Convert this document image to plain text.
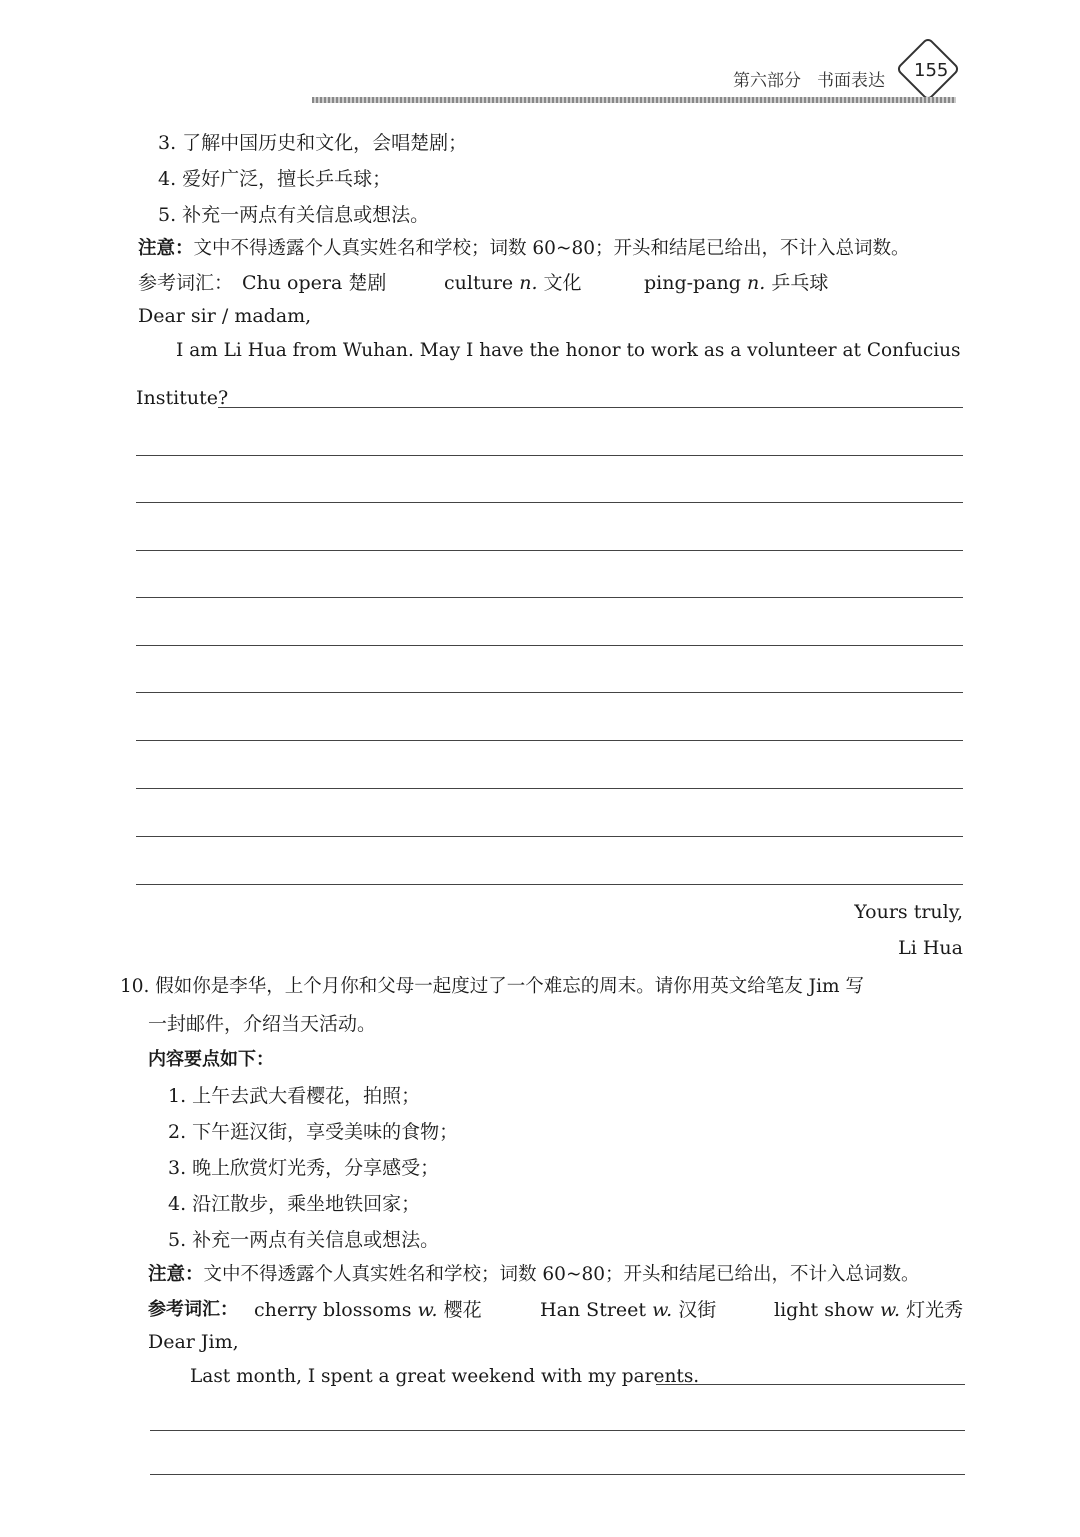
第六部分 书面表达 155
3. 了解中国历史和文化，会唱楚剧；
4. 爱好广泛，擅长乒乓球；
5. 补充一两点有关信息或想法。
注意：文中不得透露个人真实姓名和学校；词数 60~80；开头和结尾已给出，不计入总词数。
参考词汇： Chu opera 楚剧	culture n. 文化	ping-pang n. 乒乓球
Dear sir / madam,
I am Li Hua from Wuhan. May I have the honor to work as a volunteer at Confucius
Institute?
Yours truly,
Li Hua
10. 假如你是李华，上个月你和父母一起度过了一个难忘的周末。请你用英文给笔友 Jim 写
一封邮件，介绍当天活动。
内容要点如下：
1. 上午去武大看樱花，拍照；
2. 下午逛汉街，享受美味的食物；
3. 晚上欣赏灯光秀，分享感受；
4. 沿江散步，乘坐地铁回家；
5. 补充一两点有关信息或想法。
注意：文中不得透露个人真实姓名和学校；词数 60~80；开头和结尾已给出，不计入总词数。
参考词汇： cherry blossoms w. 樱花	Han Street w. 汉街	light show w. 灯光秀
Dear Jim,
Last month, I spent a great weekend with my parents.
